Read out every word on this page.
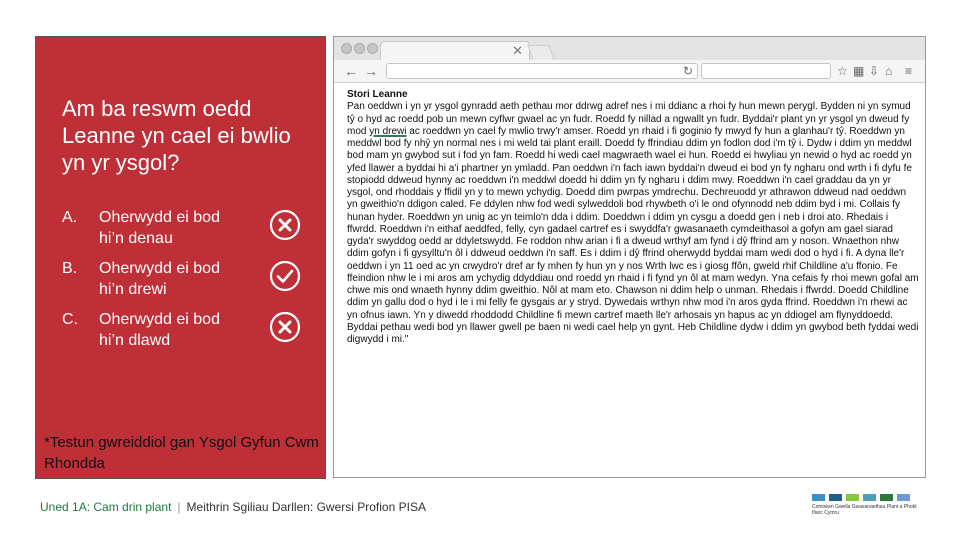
Am ba reswm oedd Leanne yn cael ei bwlio yn yr ysgol?
A. Oherwydd ei bod hi’n denau
B. Oherwydd ei bod hi’n drewi
C. Oherwydd ei bod hi’n dlawd
*Testun gwreiddiol gan Ysgol Gyfun Cwm Rhondda
✕
← →	↻	☆ ▦ ⇩ ⌂ ≡

Stori Leanne

Pan oeddwn i yn yr ysgol gynradd aeth pethau mor ddrwg adref nes i mi ddianc a rhoi fy hun mewn perygl. Bydden ni yn symud tŷ o hyd ac roedd pob un mewn cyflwr gwael ac yn fudr. Roedd fy nillad a ngwallt yn fudr. Byddai'r plant yn yr ysgol yn dweud fy mod yn drewi ac roeddwn yn cael fy mwlio trwy'r amser. Roedd yn rhaid i fi goginio fy mwyd fy hun a glanhau'r tŷ. Roeddwn yn meddwl bod fy nhŷ yn normal nes i mi weld tai plant eraill. Doedd fy ffrindiau ddim yn fodlon dod i'm tŷ i. Dydw i ddim yn meddwl bod mam yn gwybod sut i fod yn fam. Roedd hi wedi cael magwraeth wael ei hun. Roedd ei hwyliau yn newid o hyd ac roedd yn yfed llawer a byddai hi a'i phartner yn ymladd. Pan oeddwn i'n fach iawn byddai'n dweud ei bod yn fy ngharu ond wrth i fi dyfu fe stopiodd ddweud hynny ac roeddwn i'n meddwl doedd hi ddim yn fy ngharu i ddim mwy. Roeddwn i'n cael graddau da yn yr ysgol, ond rhoddais y ffidil yn y to mewn ychydig. Doedd dim pwrpas ymdrechu. Dechreuodd yr athrawon ddweud nad oeddwn yn gweithio'n ddigon caled. Fe ddylen nhw fod wedi sylweddoli bod rhywbeth o'i le ond ofynnodd neb ddim byd i mi. Collais fy hunan hyder. Roeddwn yn unig ac yn teimlo'n dda i ddim. Doeddwn i ddim yn cysgu a doedd gen i neb i droi ato. Rhedais i ffwrdd. Roeddwn i'n eithaf aeddfed, felly, cyn gadael cartref es i swyddfa'r gwasanaeth cymdeithasol a gofyn am gael siarad gyda'r swyddog oedd ar ddyletswydd. Fe roddon nhw arian i fi a dweud wrthyf am fynd i dŷ ffrind am y noson. Wnaethon nhw ddim gofyn i fi gysylltu'n ôl i ddweud oeddwn i'n saff. Es i ddim i dŷ ffrind oherwydd byddai mam wedi dod o hyd i fi. A dyna lle'r oeddwn i yn 11 oed ac yn crwydro'r dref ar fy mhen fy hun yn y nos Wrth lwc es i giosg ffôn, gweld rhif Childline a'u ffonio. Fe ffeindion nhw le i mi aros am ychydig ddyddiau ond roedd yn rhaid i fi fynd yn ôl at mam wedyn. Yna cefais fy rhoi mewn gofal am chwe mis ond wnaeth hynny ddim gweithio. Nôl at mam eto. Chawson ni ddim help o unman. Rhedais i ffwrdd. Doedd Childline ddim yn gallu dod o hyd i le i mi felly fe gysgais ar y stryd. Dywedais wrthyn nhw mod i'n aros gyda ffrind. Roeddwn i'n rhewi ac yn ofnus iawn. Yn y diwedd rhoddodd Childline fi mewn cartref maeth lle'r arhosais yn hapus ac yn ddiogel am flynyddoedd. Byddai pethau wedi bod yn llawer gwell pe baen ni wedi cael help yn gynt. Heb Childline dydw i ddim yn gwybod beth fyddai wedi digwydd i mi."

Uned 1A: Cam drin plant | Meithrin Sgiliau Darllen: Gwersi Profion PISA	Comisiwn Gwella Gwasanaethau Plant a Phobl Ifanc Cymru
